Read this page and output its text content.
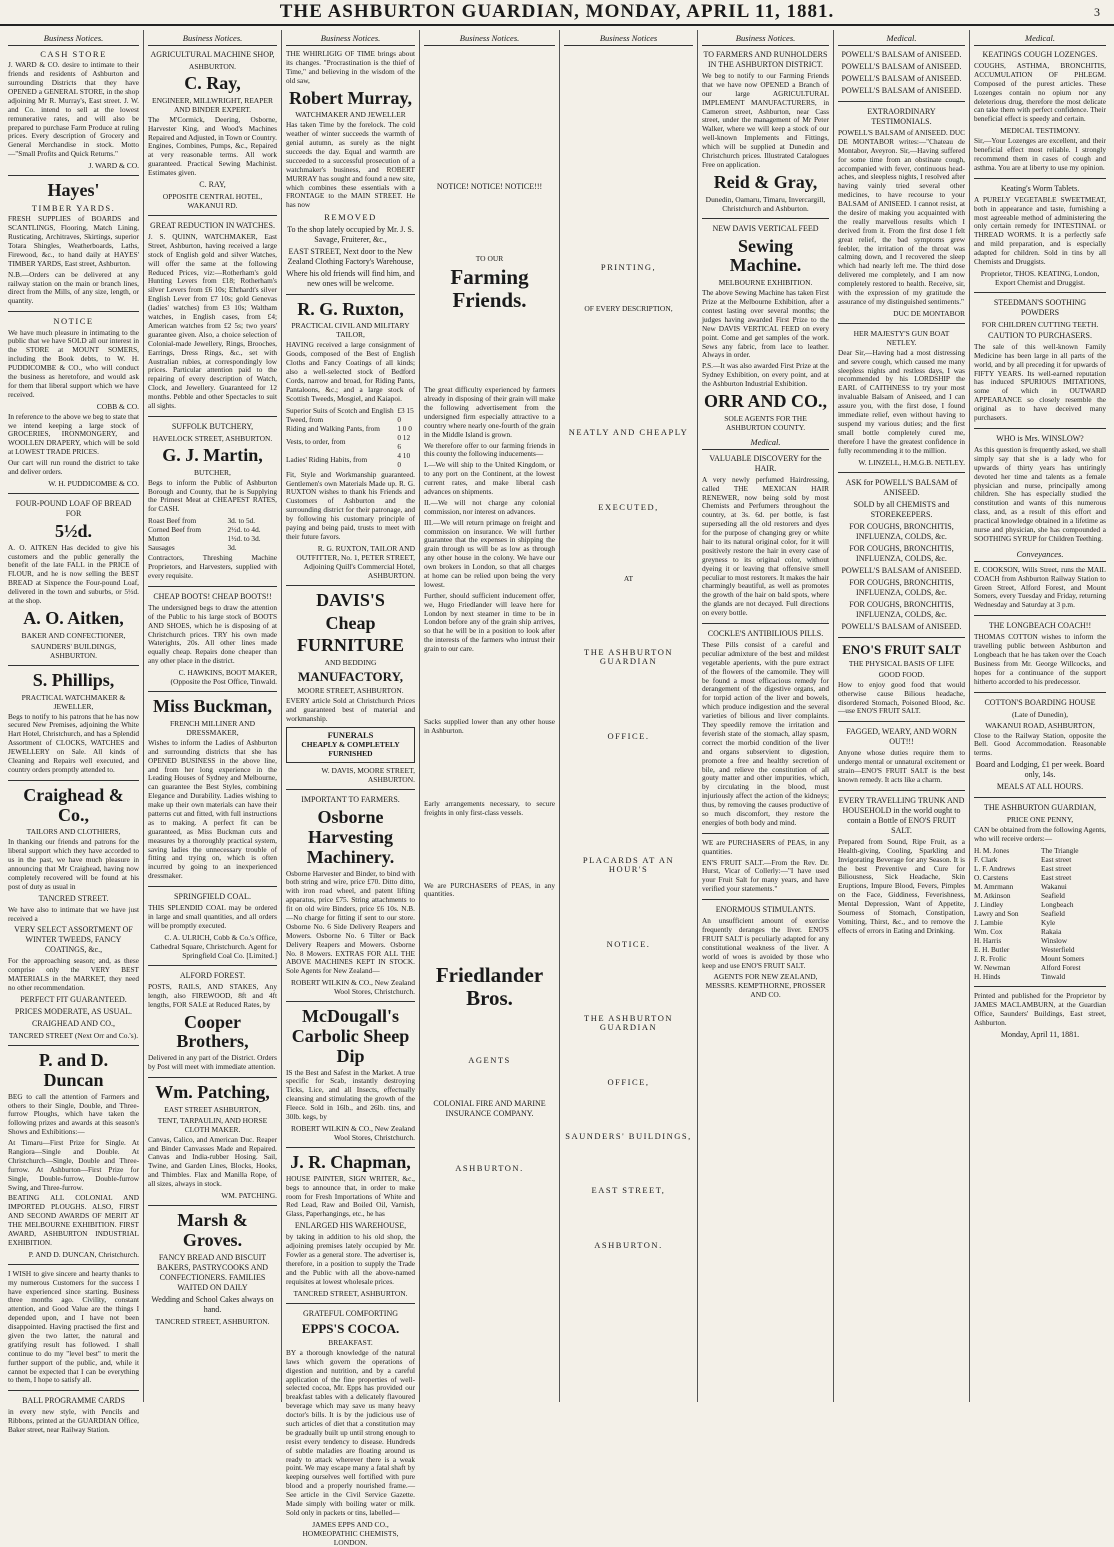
THE ASHBURTON GUARDIAN, MONDAY, APRIL 11, 1881.	3
Business Notices.
CASH STORE
J. WARD & CO. desire to intimate to their friends and residents of Ashburton and surrounding Districts that they have OPENED a GENERAL STORE, in the shop adjoining Mr R. Murray's, East street. J. W. and Co. intend to sell at the lowest remunerative rates, and will also be prepared to purchase Farm Produce at ruling prices. Every description of Grocery and General Merchandise in stock. Motto—"Small Profits and Quick Returns."
J. WARD & CO.
Hayes'
TIMBER YARDS.
FRESH SUPPLIES of BOARDS and SCANTLINGS, Flooring, Match Lining, Rusticating, Architraves, Skirtings, superior Totara Shingles, Weatherboards, Laths, Firewood, &c., to hand daily at HAYES' TIMBER YARDS, East street, Ashburton.
N.B.—Orders can be delivered at any railway station on the main or branch lines, direct from the Mills, of any size, length, or quantity.
NOTICE
We have much pleasure in intimating to the public that we have SOLD all our interest in the STORE at MOUNT SOMERS, including the Book debts, to W. H. PUDDICOMBE & CO., who will conduct the business as heretofore, and would ask for them that liberal support which we have received.
COBB & CO.
In reference to the above we beg to state that we intend keeping a large stock of GROCERIES, IRONMONGERY, and WOOLLEN DRAPERY, which will be sold at LOWEST TRADE PRICES.
Our cart will run round the district to take and deliver orders.
W. H. PUDDICOMBE & CO.
FOUR-POUND LOAF OF BREAD FOR
5½d.
A. O. AITKEN Has decided to give his customers and the public generally the benefit of the late FALL in the PRICE of FLOUR, and he is now selling the BEST BREAD at Sixpence the Four-pound Loaf, delivered in the town and suburbs, or 5½d. at the shop.
A. O. Aitken,
BAKER AND CONFECTIONER,
SAUNDERS' BUILDINGS, ASHBURTON.
S. Phillips,
PRACTICAL WATCHMAKER & JEWELLER,
Begs to notify to his patrons that he has now secured New Premises, adjoining the White Hart Hotel, Christchurch, and has a Splendid Assortment of CLOCKS, WATCHES and JEWELLERY on Sale. All kinds of Cleaning and Repairs well executed, and country orders promptly attended to.
Craighead & Co.,
TAILORS AND CLOTHIERS,
In thanking our friends and patrons for the liberal support which they have accorded to us in the past, we have much pleasure in announcing that Mr Craighead, having now completely recovered will be found at his post of duty as usual in
TANCRED STREET.
We have also to intimate that we have just received a
VERY SELECT ASSORTMENT OF WINTER TWEEDS, FANCY COATINGS, &c.,
For the approaching season; and, as these comprise only the VERY BEST MATERIALS in the MARKET, they need no other recommendation.
PERFECT FIT GUARANTEED.
PRICES MODERATE, AS USUAL.
CRAIGHEAD AND CO.,
TANCRED STREET (Next Orr and Co.'s).
P. and D. Duncan
BEG to call the attention of Farmers and others to their Single, Double, and Three-furrow Ploughs, which have taken the following prizes and awards at this season's Shows and Exhibitions:—
At Timaru—First Prize for Single. At Rangiora—Single and Double. At Christchurch—Single, Double and Three-furrow. At Ashburton—First Prize for Single, Double-furrow, Double-furrow Swing, and Three-furrow.
BEATING ALL COLONIAL AND IMPORTED PLOUGHS. ALSO, FIRST AND SECOND AWARDS OF MERIT AT THE MELBOURNE EXHIBITION. FIRST AWARD, ASHBURTON INDUSTRIAL EXHIBITION.
P. AND D. DUNCAN, Christchurch.
I WISH to give sincere and hearty thanks to my numerous Customers for the success I have experienced since starting. Business three months ago. Civility, constant attention, and Good Value are the things I depended upon, and I have not been disappointed. Having practised the first and given the two latter, the natural and gratifying result has followed. I shall continue to do my "level best" to merit the further support of the public, and, while it cannot be expected that I can be everything to them, I hope to satisfy all.
BALL PROGRAMME CARDS
in every new style, with Pencils and Ribbons, printed at the GUARDIAN Office, Baker street, near Railway Station.
Business Notices.
AGRICULTURAL MACHINE SHOP,
ASHBURTON.
C. Ray,
ENGINEER, MILLWRIGHT, REAPER AND BINDER EXPERT.
The M'Cormick, Deering, Osborne, Harvester King, and Wood's Machines Repaired and Adjusted, in Town or Country. Engines, Combines, Pumps, &c., Repaired at very reasonable terms. All work guaranteed. Practical Sewing Machinist. Estimates given.
C. RAY,
OPPOSITE CENTRAL HOTEL, WAKANUI RD.
GREAT REDUCTION IN WATCHES.
J. S. QUINN, WATCHMAKER, East Street, Ashburton, having received a large stock of English gold and silver Watches, will offer the same at the following Reduced Prices, viz:—Rotherham's gold Hunting Levers from £18; Rotherham's silver Levers from £6 10s; Ehrhardt's silver English Lever from £7 10s; gold Genevas (ladies' watches) from £3 10s; Waltham watches, in English cases, from £4; American watches from £2 5s; two years' guarantee given. Also, a choice selection of Colonial-made Jewellery, Rings, Brooches, Earrings, Dress Rings, &c., set with Australian rubies, at correspondingly low prices. Particular attention paid to the repairing of every description of Watch, Clock, and Jewellery. Guaranteed for 12 months. Pebble and other Spectacles to suit all sights.
SUFFOLK BUTCHERY,
HAVELOCK STREET, ASHBURTON.
G. J. Martin,
BUTCHER,
Begs to inform the Public of Ashburton Borough and County, that he is Supplying the Primest Meat at CHEAPEST RATES, for CASH.
Roast Beef from	3d. to 5d.
Corned Beef from	2½d. to 4d.
Mutton	1½d. to 3d.
Sausages	3d.
Contractors, Threshing Machine Proprietors, and Harvesters, supplied with every requisite.
CHEAP BOOTS! CHEAP BOOTS!!
The undersigned begs to draw the attention of the Public to his large stock of BOOTS AND SHOES, which he is disposing of at Christchurch prices. TRY his own made Waterights, 20s. All other lines made equally cheap. Repairs done cheaper than any other place in the district.
C. HAWKINS, BOOT MAKER, (Opposite the Post Office, Tinwald.
Miss Buckman,
FRENCH MILLINER AND DRESSMAKER,
Wishes to inform the Ladies of Ashburton and surrounding districts that she has OPENED BUSINESS in the above line, and from her long experience in the Leading Houses of Sydney and Melbourne, can guarantee the Best Styles, combining Elegance and Durability. Ladies wishing to make up their own materials can have their patterns cut and fitted, with full instructions as to making. A perfect fit can be guaranteed, as Miss Buckman cuts and measures by a thoroughly practical system, saving ladies the unnecessary trouble of fitting and trying on, which is often incurred by going to an inexperienced dressmaker.
SPRINGFIELD COAL.
THIS SPLENDID COAL may be ordered in large and small quantities, and all orders will be promptly executed.
C. A. ULRICH, Cobb & Co.'s Office, Cathedral Square, Christchurch. Agent for Springfield Coal Co. [Limited.]
ALFORD FOREST.
POSTS, RAILS, AND STAKES, Any length, also FIREWOOD, 8ft and 4ft lengths, FOR SALE at Reduced Rates, by
Cooper Brothers,
Delivered in any part of the District. Orders by Post will meet with immediate attention.
Wm. Patching,
EAST STREET ASHBURTON,
TENT, TARPAULIN, AND HORSE CLOTH MAKER.
Canvas, Calico, and American Duc. Reaper and Binder Canvasses Made and Repaired. Canvas and India-rubber Hosing. Sail, Twine, and Garden Lines, Blocks, Hooks, and Thimbles. Flax and Manilla Rope, of all sizes, always in stock.
WM. PATCHING.
Marsh & Groves.
FANCY BREAD AND BISCUIT BAKERS, PASTRYCOOKS AND CONFECTIONERS. FAMILIES WAITED ON DAILY
Wedding and School Cakes always on hand.
TANCRED STREET, ASHBURTON.
Business Notices.
THE WHIRLIGIG OF TIME brings about its changes. "Procrastination is the thief of Time," and believing in the wisdom of the old saw,
Robert Murray,
WATCHMAKER AND JEWELLER
Has taken Time by the forelock. The cold weather of winter succeeds the warmth of genial autumn, as surely as the night succeeds the day. Equal and warmth are succeeded to a successful prosecution of a watchmaker's business, and ROBERT MURRAY has sought and found a new site, which combines these essentials with a FRONTAGE to the MAIN STREET. He has now
REMOVED
To the shop lately occupied by Mr. J. S. Savage, Fruiterer, &c.,
EAST STREET, Next door to the New Zealand Clothing Factory's Warehouse,
Where his old friends will find him, and new ones will be welcome.
R. G. Ruxton,
PRACTICAL CIVIL AND MILITARY TAILOR,
HAVING received a large consignment of Goods, composed of the Best of English Cloths and Fancy Coatings of all kinds; also a well-selected stock of Bedford Cords, narrow and broad, for Riding Pants, Pantaloons, &c.; and a large stock of Scottish Tweeds, Mosgiel, and Kaiapoi.
Superior Suits of Scotch and English Tweed, from	£3 15 0
Riding and Walking Pants, from	1 0 0
Vests, to order, from	0 12 6
Ladies' Riding Habits, from	4 10 0
Fit, Style and Workmanship guaranteed. Gentlemen's own Materials Made up. R. G. RUXTON wishes to thank his Friends and Customers of Ashburton and the surrounding district for their patronage, and by following his customary principle of paying and being paid, trusts to meet with their future favors.
R. G. RUXTON, TAILOR AND OUTFITTER, No. 1, PETER STREET, Adjoining Quill's Commercial Hotel, ASHBURTON.
DAVIS'S
Cheap
FURNITURE
AND BEDDING
MANUFACTORY,
MOORE STREET, ASHBURTON.
EVERY article Sold at Christchurch Prices and guaranteed best of material and workmanship.
FUNERALS
CHEAPLY & COMPLETELY FURNISHED
W. DAVIS, MOORE STREET, ASHBURTON.
IMPORTANT TO FARMERS.
Osborne Harvesting Machinery.
Osborne Harvester and Binder, to bind with both string and wire, price £70. Ditto ditto, with iron road wheel, and patent lifting apparatus, price £75. String attachments to fit on old wire Binders, price £6 10s. N.B.—No charge for fitting if sent to our store. Osborne No. 6 Side Delivery Reapers and Mowers. Osborne No. 6 Tilter or Back Delivery Reapers and Mowers. Osborne No. 8 Mowers. EXTRAS FOR ALL THE ABOVE MACHINES KEPT IN STOCK. Sole Agents for New Zealand—
ROBERT WILKIN & CO., New Zealand Wool Stores, Christchurch.
McDougall's Carbolic Sheep Dip
IS the Best and Safest in the Market. A true specific for Scab, instantly destroying Ticks, Lice, and all Insects, effectually cleansing and stimulating the growth of the Fleece. Sold in 16lb., and 26lb. tins, and 30lb. kegs, by
ROBERT WILKIN & CO., New Zealand Wool Stores, Christchurch.
J. R. Chapman,
HOUSE PAINTER, SIGN WRITER, &c., begs to announce that, in order to make room for Fresh Importations of White and Red Lead, Raw and Boiled Oil, Varnish, Glass, Paperhangings, etc., he has
ENLARGED HIS WAREHOUSE,
by taking in addition to his old shop, the adjoining premises lately occupied by Mr. Fowler as a general store. The advertiser is, therefore, in a position to supply the Trade and the Public with all the above-named requisites at lowest wholesale prices.
TANCRED STREET, ASHBURTON.
GRATEFUL COMFORTING
EPPS'S COCOA.
BREAKFAST.
BY a thorough knowledge of the natural laws which govern the operations of digestion and nutrition, and by a careful application of the fine properties of well-selected cocoa, Mr. Epps has provided our breakfast tables with a delicately flavoured beverage which may save us many heavy doctor's bills. It is by the judicious use of such articles of diet that a constitution may be gradually built up until strong enough to resist every tendency to disease. Hundreds of subtle maladies are floating around us ready to attack wherever there is a weak point. We may escape many a fatal shaft by keeping ourselves well fortified with pure blood and a properly nourished frame.—See article in the Civil Service Gazette. Made simply with boiling water or milk. Sold only in packets or tins, labelled—
JAMES EPPS AND CO., HOMŒOPATHIC CHEMISTS, LONDON.
Business Notices.
NOTICE! NOTICE! NOTICE!!!
TO OUR
Farming Friends.
The great difficulty experienced by farmers already in disposing of their grain will make the following advertisement from the undersigned firm especially attractive to a country where nearly one-fourth of the grain in the Middle Island is grown.
We therefore offer to our farming friends in this county the following inducements—
I.—We will ship to the United Kingdom, or to any port on the Continent, at the lowest current rates, and make liberal cash advances on shipments.
II.—We will not charge any colonial commission, nor interest on advances.
III.—We will return primage on freight and commission on insurance. We will further guarantee that the expenses in shipping the grain through us will be as low as through any other house in the colony. We have our own brokers in London, so that all charges at home can be relied upon being the very lowest.
Further, should sufficient inducement offer, we, Hugo Friedlander will leave here for London by next steamer in time to be in London before any of the grain ship arrives, so that he will be in a position to look after the interests of the farmers who intrust their grain to our care.
Sacks supplied lower than any other house in Ashburton.
Early arrangements necessary, to secure freights in only first-class vessels.
We are PURCHASERS of PEAS, in any quantities.
Friedlander Bros.
AGENTS
COLONIAL FIRE AND MARINE INSURANCE COMPANY.
ASHBURTON.
Business Notices
PRINTING,
OF EVERY DESCRIPTION,
NEATLY AND CHEAPLY
EXECUTED,
AT
THE ASHBURTON GUARDIAN
OFFICE.
PLACARDS AT AN HOUR'S
NOTICE.
THE ASHBURTON GUARDIAN
OFFICE,
SAUNDERS' BUILDINGS,
EAST STREET,
ASHBURTON.
Business Notices.
TO FARMERS AND RUNHOLDERS IN THE ASHBURTON DISTRICT.
We beg to notify to our Farming Friends that we have now OPENED a Branch of our large AGRICULTURAL IMPLEMENT MANUFACTURERS, in Cameron street, Ashburton, near Cass street, under the management of Mr Peter Walker, where we will keep a stock of our well-known Implements and Fittings, which will be supplied at Dunedin and Christchurch prices. Illustrated Catalogues Free on application.
Reid & Gray,
Dunedin, Oamaru, Timaru, Invercargill, Christchurch and Ashburton.
NEW DAVIS VERTICAL FEED
Sewing Machine.
MELBOURNE EXHIBITION.
The above Sewing Machine has taken First Prize at the Melbourne Exhibition, after a contest lasting over several months; the judges having awarded First Prize to the New DAVIS VERTICAL FEED on every point. Come and get samples of the work. Sews any fabric, from lace to leather. Always in order.
P.S.—It was also awarded First Prize at the Sydney Exhibition, on every point, and at the Ashburton Industrial Exhibition.
ORR AND CO.,
SOLE AGENTS FOR THE ASHBURTON COUNTY.
Medical.
VALUABLE DISCOVERY for the HAIR.
A very newly perfumed Hairdressing, called THE MEXICAN HAIR RENEWER, now being sold by most Chemists and Perfumers throughout the country, at 3s. 6d. per bottle, is fast superseding all the old restorers and dyes for the purpose of changing grey or white hair to its natural original color, for it will positively restore the hair in every case of greyness to its original color, without dyeing it or leaving that offensive smell peculiar to most restorers. It makes the hair charmingly beautiful, as well as promotes the growth of the hair on bald spots, where the glands are not decayed. Full directions on every bottle.
COCKLE'S ANTIBILIOUS PILLS.
These Pills consist of a careful and peculiar admixture of the best and mildest vegetable aperients, with the pure extract of the flowers of the camomile. They will be found a most efficacious remedy for derangement of the digestive organs, and for torpid action of the liver and bowels, which produce indigestion and the several varieties of bilious and liver complaints. They speedily remove the irritation and feverish state of the stomach, allay spasm, correct the morbid condition of the liver and organs subservient to digestion, promote a free and healthy secretion of bile, and relieve the constitution of all gouty matter and other impurities, which, by circulating in the blood, must injuriously affect the action of the kidneys; thus, by removing the causes productive of so much discomfort, they restore the energies of both body and mind.
WE are PURCHASERS of PEAS, in any quantities.
EN'S FRUIT SALT.—From the Rev. Dr. Hurst, Vicar of Collerly:—"I have used your Fruit Salt for many years, and have verified your statements."
ENORMOUS STIMULANTS.
An unsufficient amount of exercise frequently deranges the liver. ENO'S FRUIT SALT is peculiarly adapted for any constitutional weakness of the liver. A world of woes is avoided by those who keep and use ENO'S FRUIT SALT.
AGENTS FOR NEW ZEALAND, MESSRS. KEMPTHORNE, PROSSER AND CO.
Medical.
POWELL'S BALSAM of ANISEED.
POWELL'S BALSAM of ANISEED.
POWELL'S BALSAM of ANISEED.
POWELL'S BALSAM of ANISEED.
EXTRAORDINARY TESTIMONIALS.
POWELL'S BALSAM of ANISEED. DUC DE MONTABOR writes:—"Chateau de Montabor, Aveyron. Sir,—Having suffered for some time from an obstinate cough, accompanied with fever, continuous head-aches, and sleepless nights, I resolved after having vainly tried several other medicines, to have recourse to your BALSAM of ANISEED. I cannot resist, at the desire of making you acquainted with the really marvellous results which I derived from it. From the first dose I felt great relief, the bad symptoms grew feebler, the irritation of the throat was calming down, and I recovered the sleep which had nearly left me. The third dose delivered me completely, and I am now completely restored to health. Receive, sir, with the expression of my gratitude the assurance of my distinguished sentiments."
DUC DE MONTABOR
HER MAJESTY'S GUN BOAT NETLEY.
Dear Sir,—Having had a most distressing and severe cough, which caused me many sleepless nights and restless days, I was recommended by his LORDSHIP the EARL of CAITHNESS to try your most invaluable Balsam of Aniseed, and I can assure you, with the first dose, I found immediate relief, even without having to suspend my various duties; and the first small bottle completely cured me, therefore I have the greatest confidence in fully recommending it to the million.
W. LINZELL, H.M.G.B. NETLEY.
ASK for POWELL'S BALSAM of ANISEED.
SOLD by all CHEMISTS and STOREKEEPERS.
FOR COUGHS, BRONCHITIS, INFLUENZA, COLDS, &c.
FOR COUGHS, BRONCHITIS, INFLUENZA, COLDS, &c.
POWELL'S BALSAM of ANISEED.
FOR COUGHS, BRONCHITIS, INFLUENZA, COLDS, &c.
FOR COUGHS, BRONCHITIS, INFLUENZA, COLDS, &c.
POWELL'S BALSAM of ANISEED.
ENO'S FRUIT SALT
THE PHYSICAL BASIS OF LIFE
GOOD FOOD.
How to enjoy good food that would otherwise cause Bilious headache, disordered Stomach, Poisoned Blood, &c.—use ENO'S FRUIT SALT.
FAGGED, WEARY, AND WORN OUT!!!
Anyone whose duties require them to undergo mental or unnatural excitement or strain—ENO'S FRUIT SALT is the best known remedy. It acts like a charm.
EVERY TRAVELLING TRUNK AND HOUSEHOLD in the world ought to contain a Bottle of ENO'S FRUIT SALT.
Prepared from Sound, Ripe Fruit, as a Health-giving, Cooling, Sparkling and Invigorating Beverage for any Season. It is the best Preventive and Cure for Biliousness, Sick Headache, Skin Eruptions, Impure Blood, Fevers, Pimples on the Face, Giddiness, Feverishness, Mental Depression, Want of Appetite, Sourness of Stomach, Constipation, Vomiting, Thirst, &c., and to remove the effects of errors in Eating and Drinking.
Medical.
KEATINGS COUGH LOZENGES.
COUGHS, ASTHMA, BRONCHITIS, ACCUMULATION OF PHLEGM. Composed of the purest articles. These Lozenges contain no opium nor any deleterious drug, therefore the most delicate can take them with perfect confidence. Their beneficial effect is speedy and certain.
MEDICAL TESTIMONY.
Sir,—Your Lozenges are excellent, and their beneficial effect most reliable. I strongly recommend them in cases of cough and asthma. You are at liberty to use my opinion.
Keating's Worm Tablets.
A PURELY VEGETABLE SWEETMEAT, both in appearance and taste, furnishing a most agreeable method of administering the only certain remedy for INTESTINAL or THREAD WORMS. It is a perfectly safe and mild preparation, and is especially adapted for children. Sold in tins by all Chemists and Druggists.
Proprietor, THOS. KEATING, London, Export Chemist and Druggist.
STEEDMAN'S SOOTHING POWDERS
FOR CHILDREN CUTTING TEETH.
CAUTION TO PURCHASERS.
The sale of this well-known Family Medicine has been large in all parts of the world, and by all preceding it for upwards of FIFTY YEARS. Its well-earned reputation has induced SPURIOUS IMITATIONS, some of which in OUTWARD APPEARANCE so closely resemble the original as to have deceived many purchasers.
WHO is Mrs. WINSLOW?
As this question is frequently asked, we shall simply say that she is a lady who for upwards of thirty years has untiringly devoted her time and talents as a female physician and nurse, principally among children. She has especially studied the constitution and wants of this numerous class, and, as a result of this effort and practical knowledge obtained in a lifetime as nurse and physician, she has compounded a SOOTHING SYRUP for Children Teething.
Conveyances.
E. COOKSON, Wills Street, runs the MAIL COACH from Ashburton Railway Station to Green Street, Alford Forest, and Mount Somers, every Tuesday and Friday, returning Wednesday and Saturday at 3 p.m.
THE LONGBEACH COACH!!
THOMAS COTTON wishes to inform the travelling public between Ashburton and Longbeach that he has taken over the Coach Business from Mr. George Willcocks, and hopes for a continuance of the support hitherto accorded to his predecessor.
COTTON'S BOARDING HOUSE
(Late of Dunedin),
WAKANUI ROAD, ASHBURTON,
Close to the Railway Station, opposite the Bell. Good Accommodation. Reasonable terms.
Board and Lodging, £1 per week. Board only, 14s.
MEALS AT ALL HOURS.
THE ASHBURTON GUARDIAN,
PRICE ONE PENNY,
CAN be obtained from the following Agents, who will receive orders:—
H. M. Jones	The Triangle
F. Clark	East street
L. F. Andrews	East street
O. Carstens	East street
M. Amrmann	Wakanui
M. Atkinson	Seafield
J. Lindley	Longbeach
Lawry and Son	Seafield
J. Lambie	Kyle
Wm. Cox	Rakaia
H. Harris	Winslow
E. H. Butler	Westerfield
J. R. Frolic	Mount Somers
W. Newman	Alford Forest
H. Hinds	Tinwald
Printed and published for the Proprietor by JAMES MACLAMBURN, at the Guardian Office, Saunders' Buildings, East street, Ashburton.
Monday, April 11, 1881.
